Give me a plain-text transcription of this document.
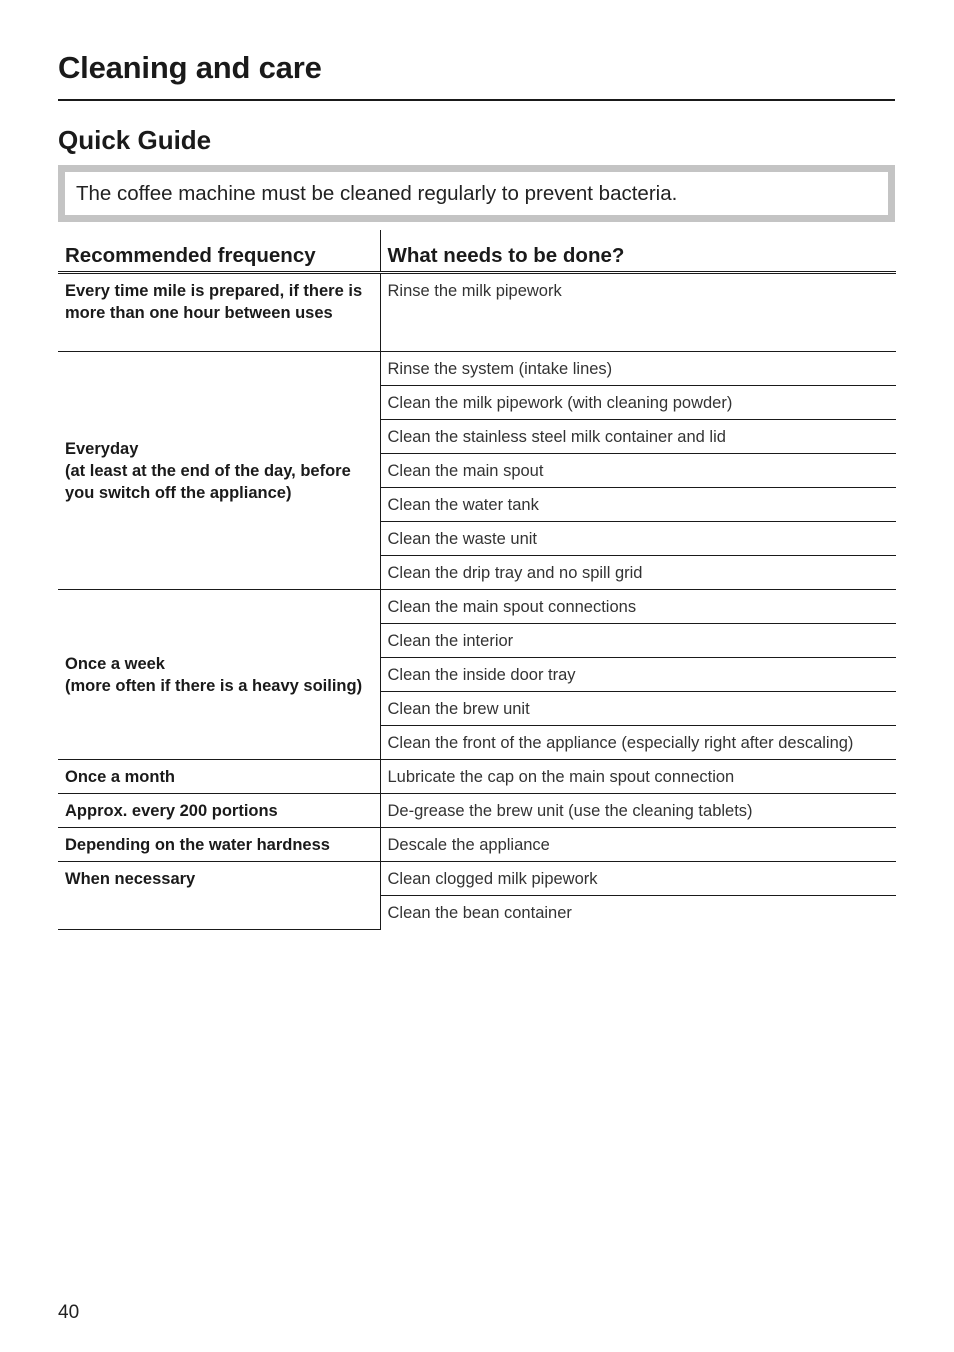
Cleaning and care
Quick Guide
The coffee machine must be cleaned regularly to prevent bacteria.
Recommended frequency	What needs to be done?
Every time mile is prepared, if there is more than one hour between uses	Rinse the milk pipework
Everyday
(at least at the end of the day, before you switch off the appliance)	Rinse the system (intake lines)
	Clean the milk pipework (with cleaning powder)
	Clean the stainless steel milk container and lid
	Clean the main spout
	Clean the water tank
	Clean the waste unit
	Clean the drip tray and no spill grid
Once a week
(more often if there is a heavy soiling)	Clean the main spout connections
	Clean the interior
	Clean the inside door tray
	Clean the brew unit
	Clean the front of the appliance (especially right after descaling)
Once a month	Lubricate the cap on the main spout connection
Approx. every 200 portions	De-grease the brew unit (use the cleaning tablets)
Depending on the water hardness	Descale the appliance
When necessary	Clean clogged milk pipework
	Clean the bean container
40
